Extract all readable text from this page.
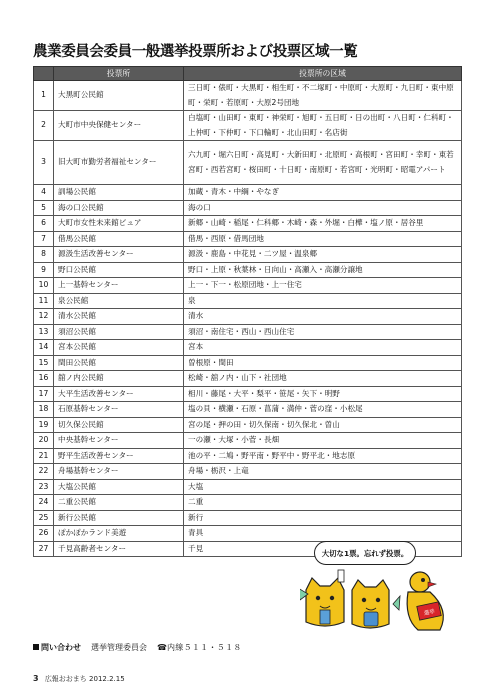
農業委員会委員一般選挙投票所および投票区域一覧
	投票所	投票所の区域
1	大黒町公民館	三日町・俵町・大黒町・相生町・不二塚町・中原町・大原町・九日町・東中原町・栄町・若原町・大原2号団地
2	大町市中央保健センター	白塩町・山田町・東町・神栄町・旭町・五日町・日の出町・八日町・仁科町・上仲町・下仲町・下口輪町・北山田町・名店街
3	旧大町市勤労者福祉センター	六九町・堀六日町・高見町・大新田町・北原町・高根町・宮田町・幸町・東若宮町・西若宮町・桜田町・十日町・南原町・若宮町・光明町・昭電アパート
4	訓場公民館	加蔵・青木・中綱・やなぎ
5	海の口公民館	海の口
6	大町市女性未来館ビュア	新郷・山崎・稲尾・仁科郷・木崎・森・外堀・白樺・塩ノ原・居谷里
7	借馬公民館	借馬・西原・借馬団地
8	源汲生活改善センター	源汲・鹿島・中花見・二ツ屋・温泉郷
9	野口公民館	野口・上原・秋葉林・日向山・高瀬入・高瀬分譲地
10	上一基幹センター	上一・下一・松原団地・上一住宅
11	泉公民館	泉
12	清水公民館	清水
13	須沼公民館	須沼・南住宅・西山・西山住宅
14	宮本公民館	宮本
15	閏田公民館	曽根原・閏田
16	舘ノ内公民館	松崎・舘ノ内・山下・社団地
17	大平生活改善センター	相川・藤尾・大平・梨平・笹尾・矢下・明野
18	石原基幹センター	塩の貝・横瀬・石原・菖蒲・満仲・菅の窪・小松尾
19	切久保公民館	宮の尾・押の田・切久保南・切久保北・曽山
20	中央基幹センター	一の瀬・大塚・小菅・長畑
21	野平生活改善センター	池の平・二鳩・野平南・野平中・野平北・地志原
22	舟場基幹センター	舟場・栃沢・上竜
23	大塩公民館	大塩
24	二重公民館	二重
25	新行公民館	新行
26	ぽかぽかランド美遊	青具
27	千見高齢者センター	千見
大切な1票。忘れず投票。
選挙
問い合わせ 選挙管理委員会 ☎ 内線５１１・５１８
3 広報おおまち 2012.2.15
